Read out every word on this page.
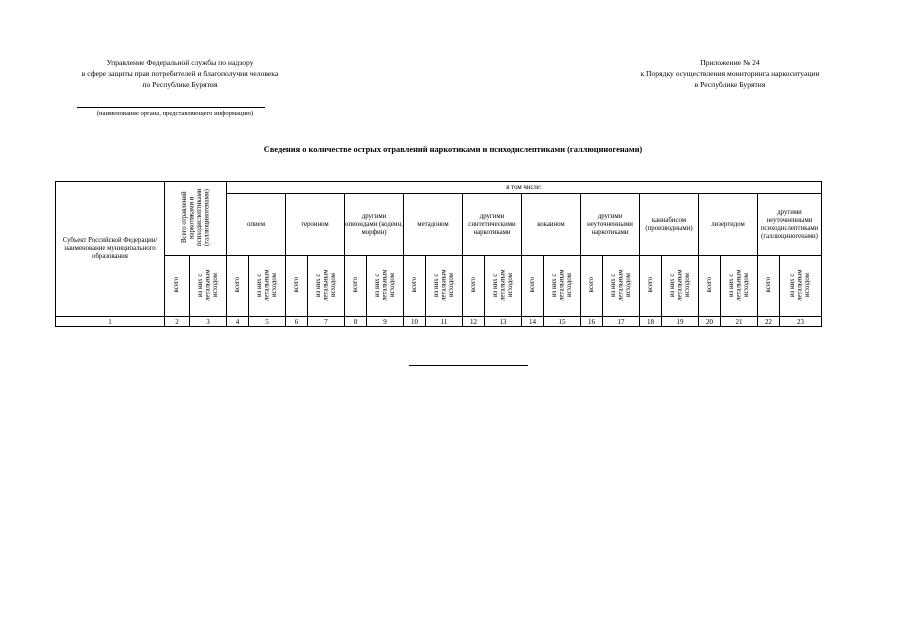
Управление Федеральной службы по надзору
в сфере защиты прав потребителей и благополучия человека
по Республике Бурятия
(наименование органа, представляющего информацию)
Приложение № 24
к Порядку осуществления мониторинга наркоситуации
в Республике Бурятия
Сведения о количестве острых отравлений наркотиками и психодислептиками (галлюциногенами)
Субъект Российской Федерации/ наименование муниципального образования	Всего отравлений наркотиками и психодислептиками (галлюциногенами)		в том числе:																			
			опием		героином		другими опиоидами (кодеин, морфин)		метадоном		другими синтетическими наркотиками		кокаином		другими неуточненными наркотиками		каннабисом (производными)		лизергидом		другими неуточненными психодислептиками (галлюциногенами)	
	всего	из них с летальным исходом	всего	из них с летальным исходом	всего	из них с летальным исходом	всего	из них с летальным исходом	всего	из них с летальным исходом	всего	из них с летальным исходом	всего	из них с летальным исходом	всего	из них с летальным исходом	всего	из них с летальным исходом	всего	из них с летальным исходом	всего	из них с летальным исходом
1	2	3	4	5	6	7	8	9	10	11	12	13	14	15	16	17	18	19	20	21	22	23
